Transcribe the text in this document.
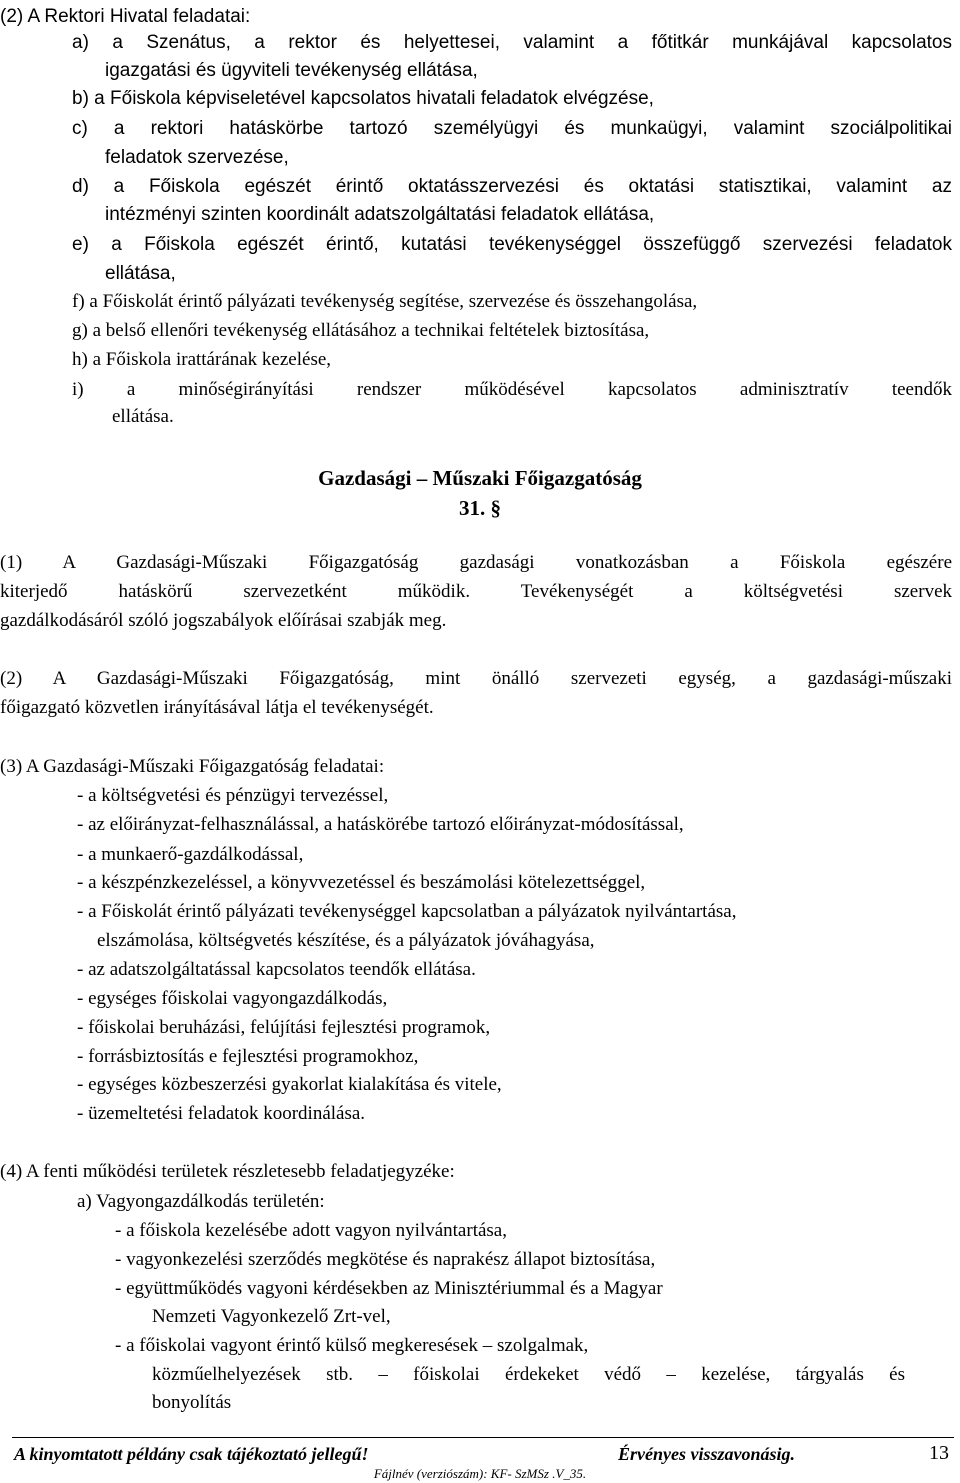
(2) A Rektori Hivatal feladatai:
a) a Szenátus, a rektor és helyettesei, valamint a főtitkár munkájával kapcsolatos
igazgatási és ügyviteli tevékenység ellátása,
b) a Főiskola képviseletével kapcsolatos hivatali feladatok elvégzése,
c) a rektori hatáskörbe tartozó személyügyi és munkaügyi, valamint szociálpolitikai
feladatok szervezése,
d) a Főiskola egészét érintő oktatásszervezési és oktatási statisztikai, valamint az
intézményi szinten koordinált adatszolgáltatási feladatok ellátása,
e) a Főiskola egészét érintő, kutatási tevékenységgel összefüggő szervezési feladatok
ellátása,
f) a Főiskolát érintő pályázati tevékenység segítése, szervezése és összehangolása,
g) a belső ellenőri tevékenység ellátásához a technikai feltételek biztosítása,
h) a Főiskola irattárának kezelése,
i) a minőségirányítási rendszer működésével kapcsolatos adminisztratív teendők
ellátása.
(1) A Gazdasági-Műszaki Főigazgatóság gazdasági vonatkozásban a Főiskola egészére
kiterjedő hatáskörű szervezetként működik. Tevékenységét a költségvetési szervek
gazdálkodásáról szóló jogszabályok előírásai szabják meg.
(2) A Gazdasági-Műszaki Főigazgatóság, mint önálló szervezeti egység, a gazdasági-műszaki
főigazgató közvetlen irányításával látja el tevékenységét.
(3) A Gazdasági-Műszaki Főigazgatóság feladatai:
- a költségvetési és pénzügyi tervezéssel,
- az előirányzat-felhasználással, a hatáskörébe tartozó előirányzat-módosítással,
- a munkaerő-gazdálkodással,
- a készpénzkezeléssel, a könyvvezetéssel és beszámolási kötelezettséggel,
- a Főiskolát érintő pályázati tevékenységgel kapcsolatban a pályázatok nyilvántartása,
elszámolása, költségvetés készítése, és a pályázatok jóváhagyása,
- az adatszolgáltatással kapcsolatos teendők ellátása.
- egységes főiskolai vagyongazdálkodás,
- főiskolai beruházási, felújítási fejlesztési programok,
- forrásbiztosítás e fejlesztési programokhoz,
- egységes közbeszerzési gyakorlat kialakítása és vitele,
- üzemeltetési feladatok koordinálása.
(4) A fenti működési területek részletesebb feladatjegyzéke:
a) Vagyongazdálkodás területén:
- a főiskola kezelésébe adott vagyon nyilvántartása,
- vagyonkezelési szerződés megkötése és naprakész állapot biztosítása,
- együttműködés vagyoni kérdésekben az Minisztériummal és a Magyar
Nemzeti Vagyonkezelő Zrt-vel,
- a főiskolai vagyont érintő külső megkeresések – szolgalmak,
közműelhelyezések stb. – főiskolai érdekeket védő – kezelése, tárgyalás és
bonyolítás
Gazdasági – Műszaki Főigazgatóság
31. §
A kinyomtatott példány csak tájékoztató jellegű!	Érvényes visszavonásig.	13
Fájlnév (verziószám): KF- SzMSz .V_35.
